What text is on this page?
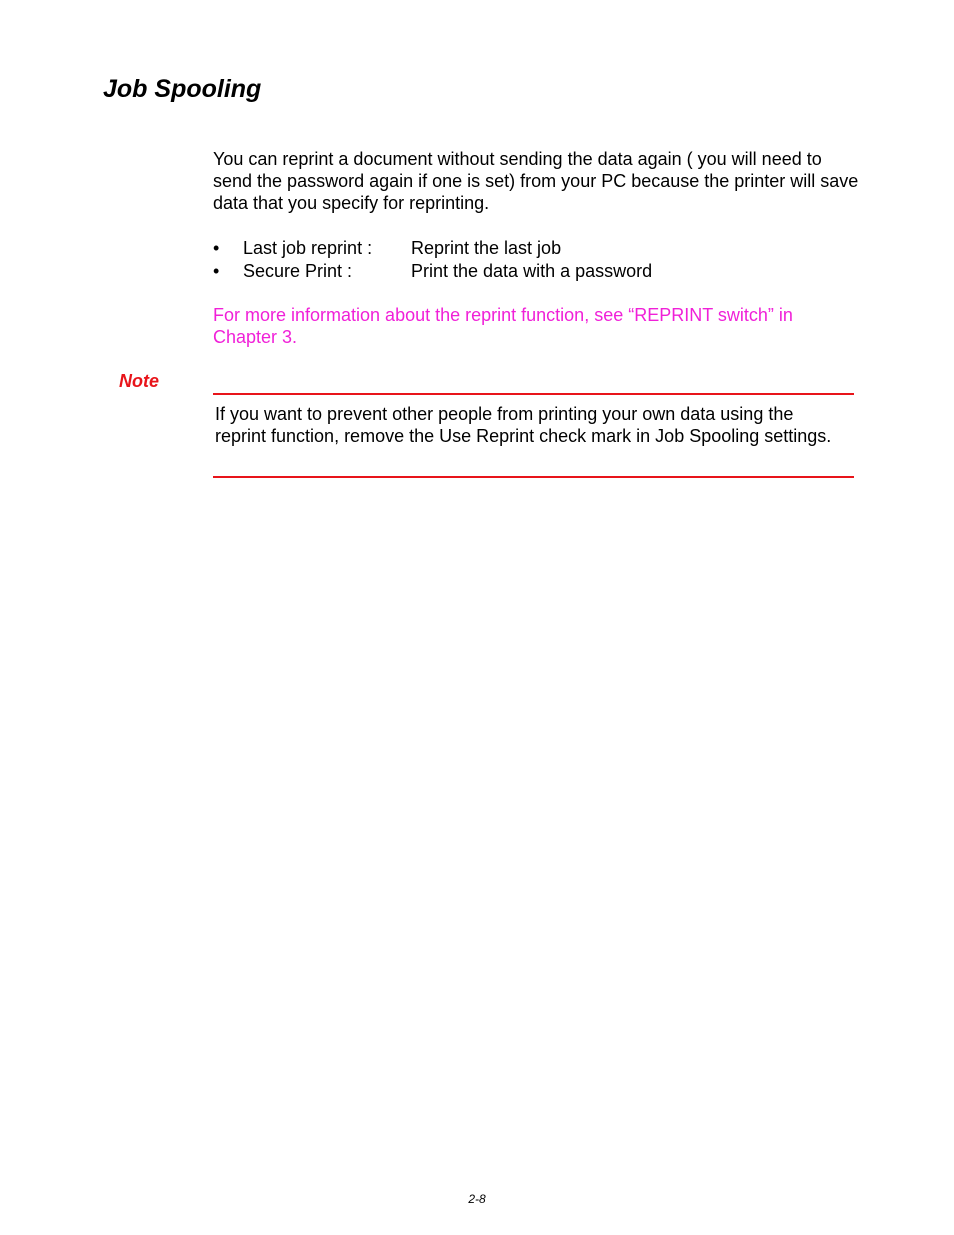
Job Spooling

You can reprint a document without sending the data again ( you will need to send the password again if one is set) from your PC because the printer will save data that you specify for reprinting.

•	Last job reprint : Reprint the last job
•	Secure Print :	Print the data with a password

For more information about the reprint function, see “REPRINT switch” in Chapter 3.

Note

If you want to prevent other people from printing your own data using the reprint function, remove the Use Reprint check mark in Job Spooling settings.

2-8
